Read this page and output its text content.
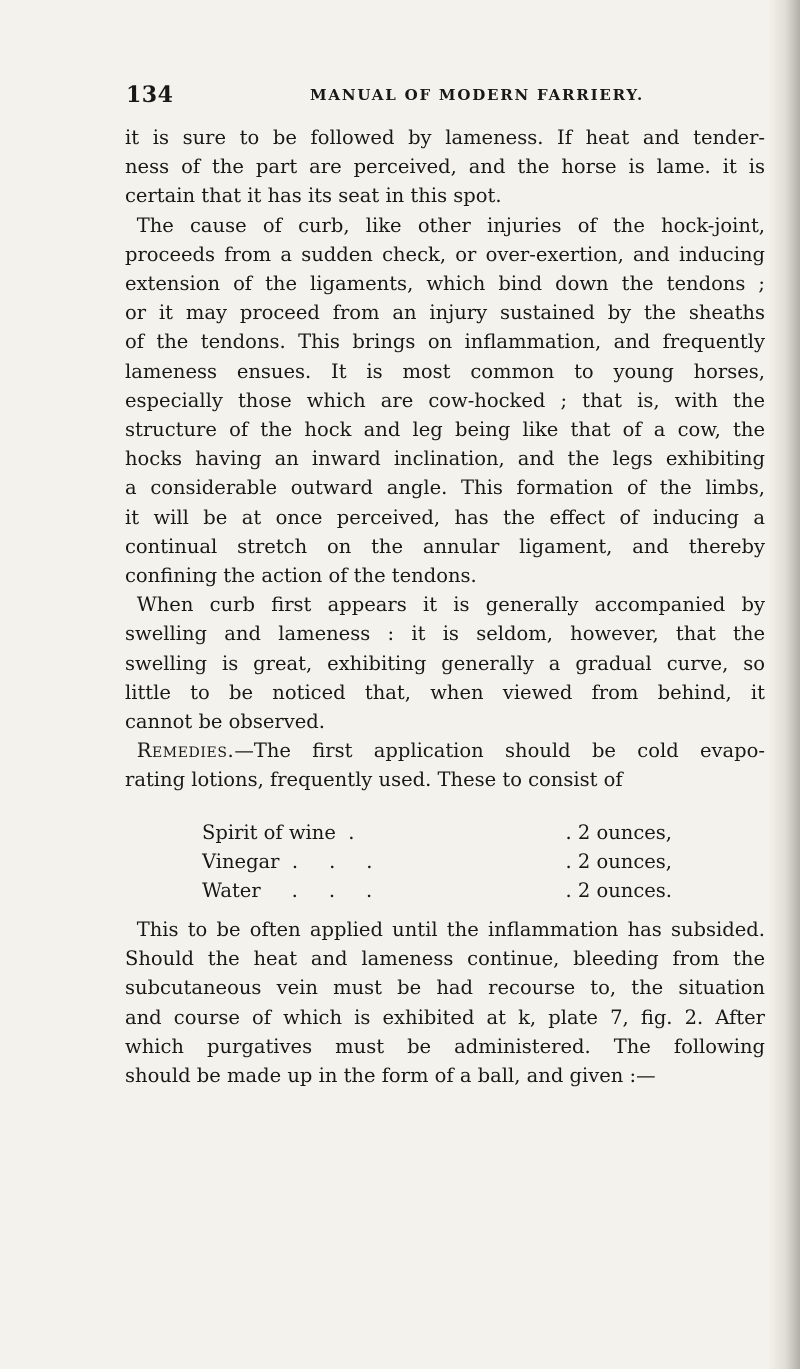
134	MANUAL OF MODERN FARRIERY.
it is sure to be followed by lameness. If heat and tender-
ness of the part are perceived, and the horse is lame. it is
certain that it has its seat in this spot.
The cause of curb, like other injuries of the hock-joint,
proceeds from a sudden check, or over-exertion, and inducing
extension of the ligaments, which bind down the tendons ;
or it may proceed from an injury sustained by the sheaths
of the tendons. This brings on inflammation, and frequently
lameness ensues. It is most common to young horses,
especially those which are cow-hocked ; that is, with the
structure of the hock and leg being like that of a cow, the
hocks having an inward inclination, and the legs exhibiting
a considerable outward angle. This formation of the limbs,
it will be at once perceived, has the effect of inducing a
continual stretch on the annular ligament, and thereby
confining the action of the tendons.
When curb first appears it is generally accompanied by
swelling and lameness : it is seldom, however, that the
swelling is great, exhibiting generally a gradual curve, so
little to be noticed that, when viewed from behind, it
cannot be observed.
Remedies.—The first application should be cold evapo-
rating lotions, frequently used. These to consist of
Spirit of wine  .	. 2 ounces,
Vinegar  .     .     .	. 2 ounces,
Water     .     .     .	. 2 ounces.
This to be often applied until the inflammation has subsided.
Should the heat and lameness continue, bleeding from the
subcutaneous vein must be had recourse to, the situation
and course of which is exhibited at k, plate 7, fig. 2. After
which purgatives must be administered. The following
should be made up in the form of a ball, and given :—
